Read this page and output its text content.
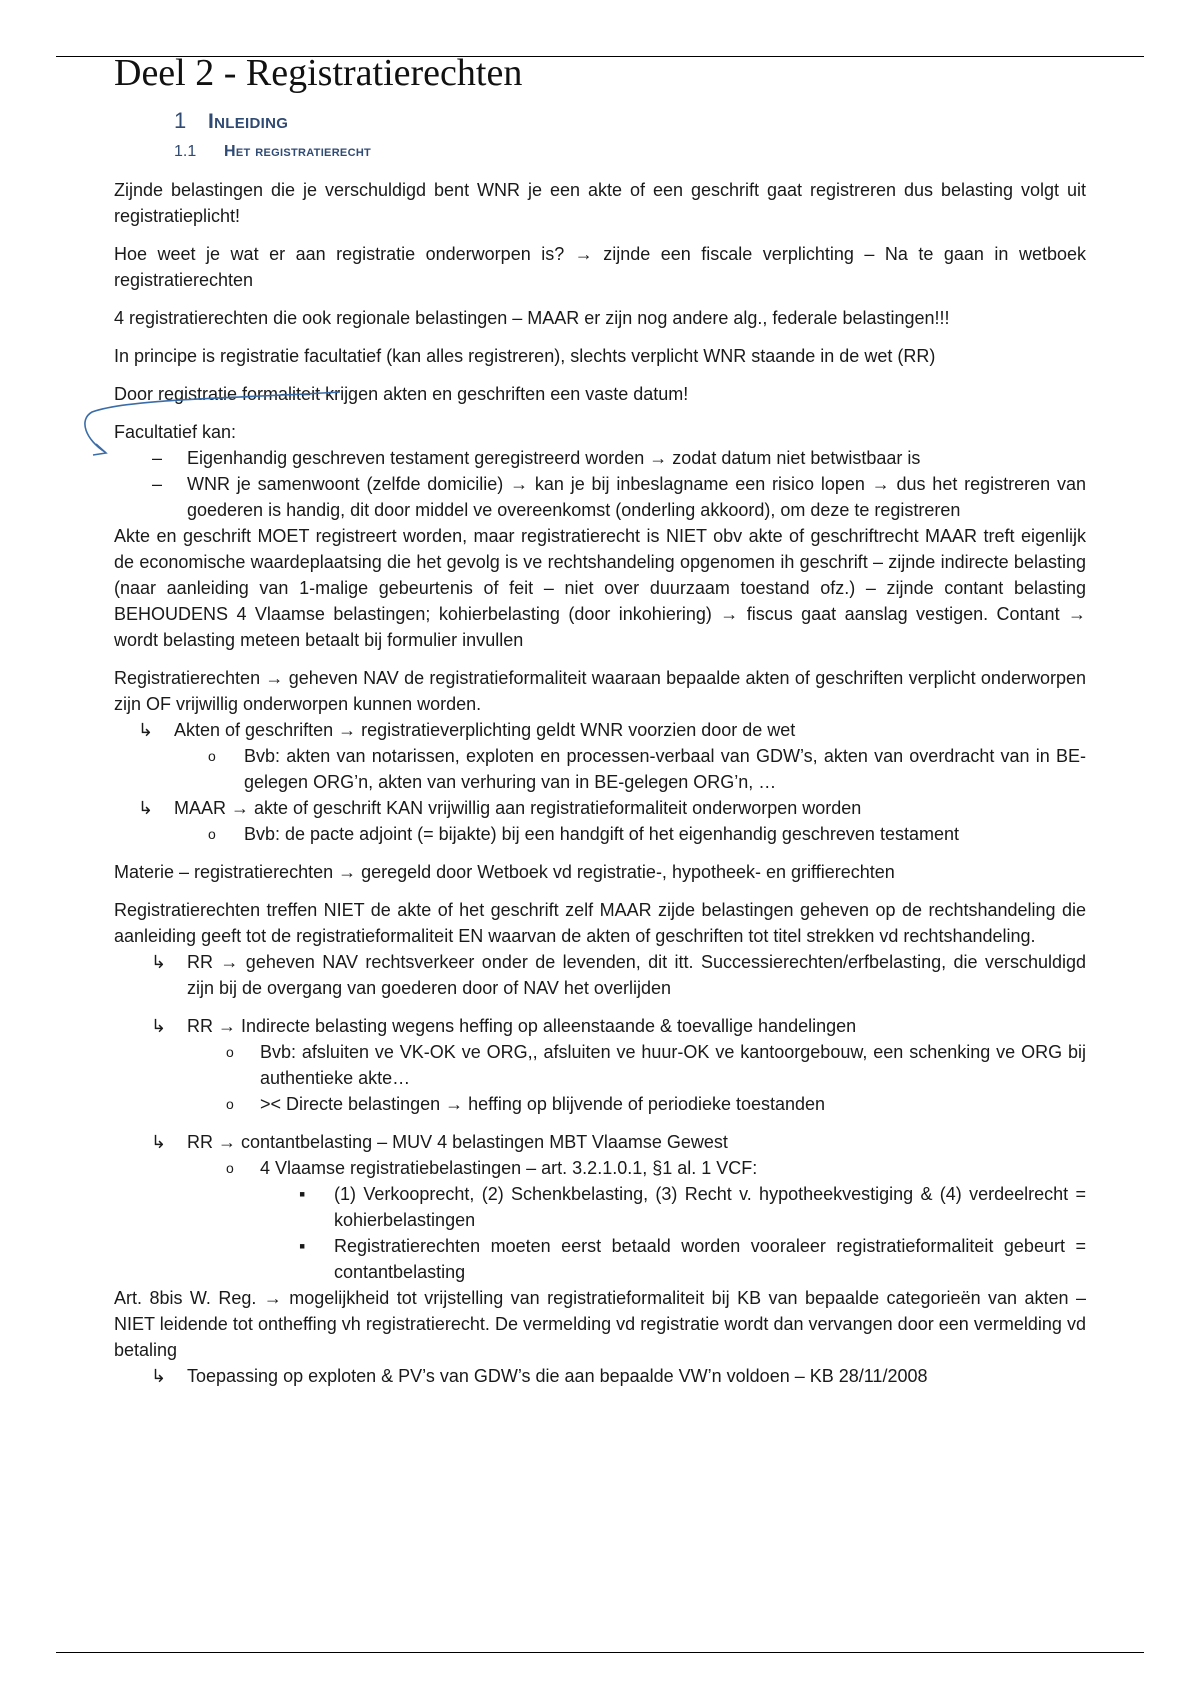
Deel 2 - Registratierechten
1 Inleiding
1.1 Het registratierecht

Zijnde belastingen die je verschuldigd bent WNR je een akte of een geschrift gaat registreren dus belasting volgt uit registratieplicht!

Hoe weet je wat er aan registratie onderworpen is? → zijnde een fiscale verplichting – Na te gaan in wetboek registratierechten

4 registratierechten die ook regionale belastingen – MAAR er zijn nog andere alg., federale belastingen!!!

In principe is registratie facultatief (kan alles registreren), slechts verplicht WNR staande in de wet (RR)

Door registratie formaliteit krijgen akten en geschriften een vaste datum!

Facultatief kan:

– Eigenhandig geschreven testament geregistreerd worden → zodat datum niet betwistbaar is
– WNR je samenwoont (zelfde domicilie) → kan je bij inbeslagname een risico lopen → dus het registreren van goederen is handig, dit door middel ve overeenkomst (onderling akkoord), om deze te registreren

Akte en geschrift MOET registreert worden, maar registratierecht is NIET obv akte of geschriftrecht MAAR treft eigenlijk de economische waardeplaatsing die het gevolg is ve rechtshandeling opgenomen ih geschrift – zijnde indirecte belasting (naar aanleiding van 1-malige gebeurtenis of feit – niet over duurzaam toestand ofz.) – zijnde contant belasting BEHOUDENS 4 Vlaamse belastingen; kohierbelasting (door inkohiering) → fiscus gaat aanslag vestigen. Contant → wordt belasting meteen betaalt bij formulier invullen

Registratierechten → geheven NAV de registratieformaliteit waaraan bepaalde akten of geschriften verplicht onderworpen zijn OF vrijwillig onderworpen kunnen worden.

↳ Akten of geschriften → registratieverplichting geldt WNR voorzien door de wet
o Bvb: akten van notarissen, exploten en processen-verbaal van GDW’s, akten van overdracht van in BE-gelegen ORG’n, akten van verhuring van in BE-gelegen ORG’n, …
↳ MAAR → akte of geschrift KAN vrijwillig aan registratieformaliteit onderworpen worden
o Bvb: de pacte adjoint (= bijakte) bij een handgift of het eigenhandig geschreven testament

Materie – registratierechten → geregeld door Wetboek vd registratie-, hypotheek- en griffierechten

Registratierechten treffen NIET de akte of het geschrift zelf MAAR zijde belastingen geheven op de rechtshandeling die aanleiding geeft tot de registratieformaliteit EN waarvan de akten of geschriften tot titel strekken vd rechtshandeling.

↳ RR → geheven NAV rechtsverkeer onder de levenden, dit itt. Successierechten/erfbelasting, die verschuldigd zijn bij de overgang van goederen door of NAV het overlijden
↳ RR → Indirecte belasting wegens heffing op alleenstaande & toevallige handelingen
o Bvb: afsluiten ve VK-OK ve ORG,, afsluiten ve huur-OK ve kantoorgebouw, een schenking ve ORG bij authentieke akte…
o >< Directe belastingen → heffing op blijvende of periodieke toestanden
↳ RR → contantbelasting – MUV 4 belastingen MBT Vlaamse Gewest
o 4 Vlaamse registratiebelastingen – art. 3.2.1.0.1, §1 al. 1 VCF:
▪ (1) Verkooprecht, (2) Schenkbelasting, (3) Recht v. hypotheekvestiging & (4) verdeelrecht = kohierbelastingen
▪ Registratierechten moeten eerst betaald worden vooraleer registratieformaliteit gebeurt = contantbelasting

Art. 8bis W. Reg. → mogelijkheid tot vrijstelling van registratieformaliteit bij KB van bepaalde categorieën van akten – NIET leidende tot ontheffing vh registratierecht. De vermelding vd registratie wordt dan vervangen door een vermelding vd betaling

↳ Toepassing op exploten & PV’s van GDW’s die aan bepaalde VW’n voldoen – KB 28/11/2008
